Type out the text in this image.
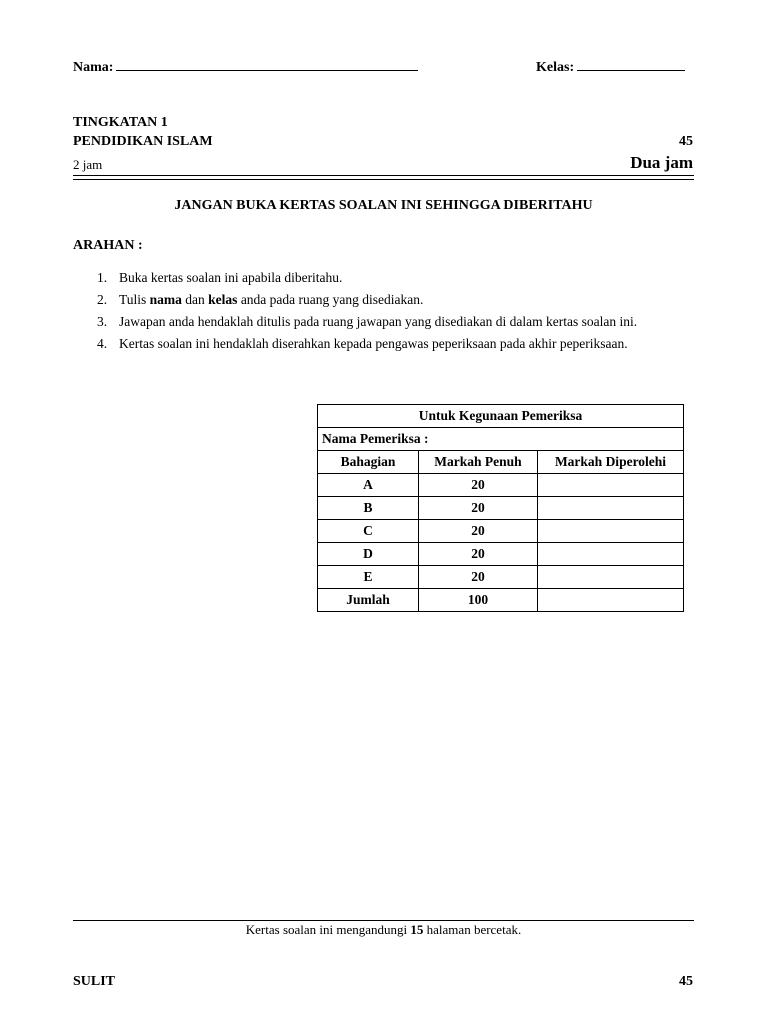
Nama:	Kelas:
TINGKATAN 1
PENDIDIKAN ISLAM	45
2 jam	Dua jam
JANGAN BUKA KERTAS SOALAN INI SEHINGGA DIBERITAHU
ARAHAN :
1. Buka kertas soalan ini apabila diberitahu.
2. Tulis nama dan kelas anda pada ruang yang disediakan.
3. Jawapan anda hendaklah ditulis pada ruang jawapan yang disediakan di dalam kertas soalan ini.
4. Kertas soalan ini hendaklah diserahkan kepada pengawas peperiksaan pada akhir peperiksaan.
Untuk Kegunaan Pemeriksa		
Nama Pemeriksa :		
Bahagian	Markah Penuh	Markah Diperolehi
A	20	
B	20	
C	20	
D	20	
E	20	
Jumlah	100	
Kertas soalan ini mengandungi 15 halaman bercetak.
SULIT	45
